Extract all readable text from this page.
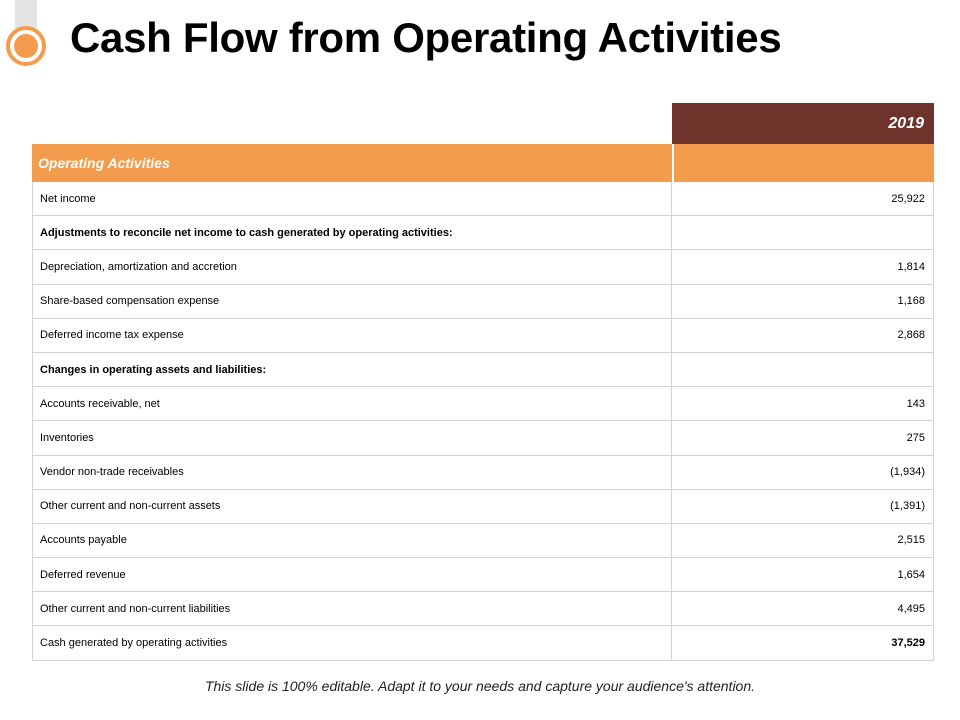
Cash Flow from Operating Activities
2019
Operating Activities
Net income	25,922
Adjustments to reconcile net income to cash generated by operating activities:
Depreciation, amortization and accretion	1,814
Share-based compensation expense	1,168
Deferred income tax expense	2,868
Changes in operating assets and liabilities:
Accounts receivable, net	143
Inventories	275
Vendor non-trade receivables	(1,934)
Other current and non-current assets	(1,391)
Accounts payable	2,515
Deferred revenue	1,654
Other current and non-current liabilities	4,495
Cash generated by operating activities	37,529
This slide is 100% editable. Adapt it to your needs and capture your audience's attention.
